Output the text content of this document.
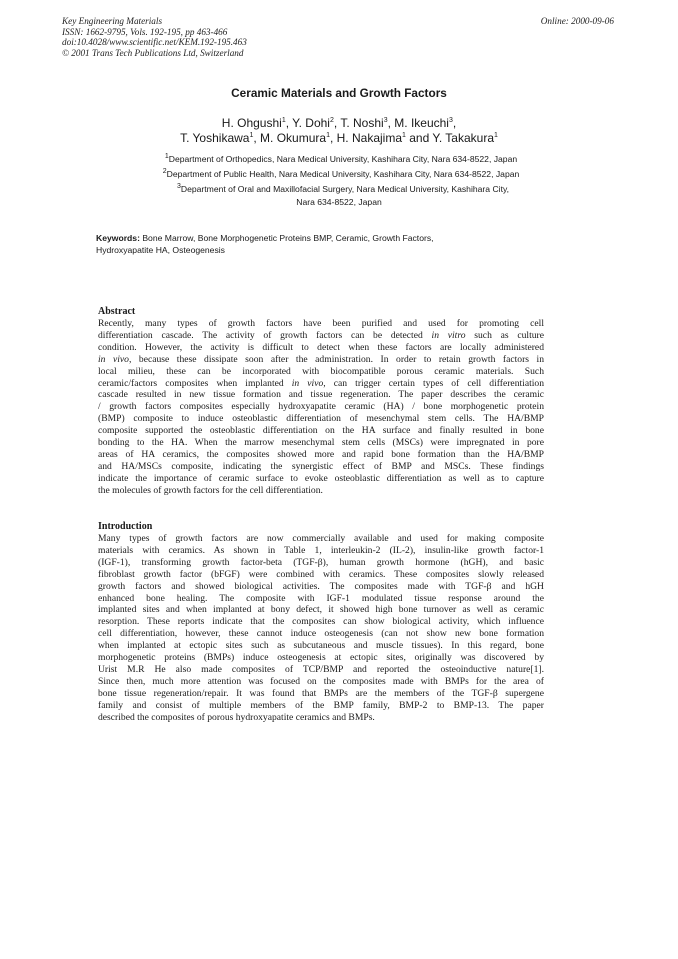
Key Engineering Materials
ISSN: 1662-9795, Vols. 192-195, pp 463-466
doi:10.4028/www.scientific.net/KEM.192-195.463
© 2001 Trans Tech Publications Ltd, Switzerland
Online: 2000-09-06
Ceramic Materials and Growth Factors
H. Ohgushi$^1$, Y. Dohi$^2$, T. Noshi$^3$, M. Ikeuchi$^3$,
T. Yoshikawa$^1$, M. Okumura$^1$, H. Nakajima$^1$ and Y. Takakura$^1$
$^1$Department of Orthopedics, Nara Medical University, Kashihara City, Nara 634-8522, Japan
$^2$Department of Public Health, Nara Medical University, Kashihara City, Nara 634-8522, Japan
$^3$Department of Oral and Maxillofacial Surgery, Nara Medical University, Kashihara City,
Nara 634-8522, Japan
Keywords: Bone Marrow, Bone Morphogenetic Proteins BMP, Ceramic, Growth Factors,
Hydroxyapatite HA, Osteogenesis
Abstract
Recently, many types of growth factors have been purified and used for promoting cell
differentiation cascade. The activity of growth factors can be detected in vitro such as culture
condition. However, the activity is difficult to detect when these factors are locally administered
in vivo, because these dissipate soon after the administration. In order to retain growth factors in
local milieu, these can be incorporated with biocompatible porous ceramic materials. Such
ceramic/factors composites when implanted in vivo, can trigger certain types of cell differentiation
cascade resulted in new tissue formation and tissue regeneration. The paper describes the ceramic
/ growth factors composites especially hydroxyapatite ceramic (HA) / bone morphogenetic protein
(BMP) composite to induce osteoblastic differentiation of mesenchymal stem cells. The HA/BMP
composite supported the osteoblastic differentiation on the HA surface and finally resulted in bone
bonding to the HA. When the marrow mesenchymal stem cells (MSCs) were impregnated in pore
areas of HA ceramics, the composites showed more and rapid bone formation than the HA/BMP
and HA/MSCs composite, indicating the synergistic effect of BMP and MSCs. These findings
indicate the importance of ceramic surface to evoke osteoblastic differentiation as well as to capture
the molecules of growth factors for the cell differentiation.
Introduction
Many types of growth factors are now commercially available and used for making composite
materials with ceramics. As shown in Table 1, interleukin-2 (IL-2), insulin-like growth factor-1
(IGF-1), transforming growth factor-beta (TGF-β), human growth hormone (hGH), and basic
fibroblast growth factor (bFGF) were combined with ceramics. These composites slowly released
growth factors and showed biological activities. The composites made with TGF-β and hGH
enhanced bone healing. The composite with IGF-1 modulated tissue response around the
implanted sites and when implanted at bony defect, it showed high bone turnover as well as ceramic
resorption. These reports indicate that the composites can show biological activity, which influence
cell differentiation, however, these cannot induce osteogenesis (can not show new bone formation
when implanted at ectopic sites such as subcutaneous and muscle tissues). In this regard, bone
morphogenetic proteins (BMPs) induce osteogenesis at ectopic sites, originally was discovered by
Urist M.R He also made composites of TCP/BMP and reported the osteoinductive nature[1].
Since then, much more attention was focused on the composites made with BMPs for the area of
bone tissue regeneration/repair. It was found that BMPs are the members of the TGF-β supergene
family and consist of multiple members of the BMP family, BMP-2 to BMP-13. The paper
described the composites of porous hydroxyapatite ceramics and BMPs.
